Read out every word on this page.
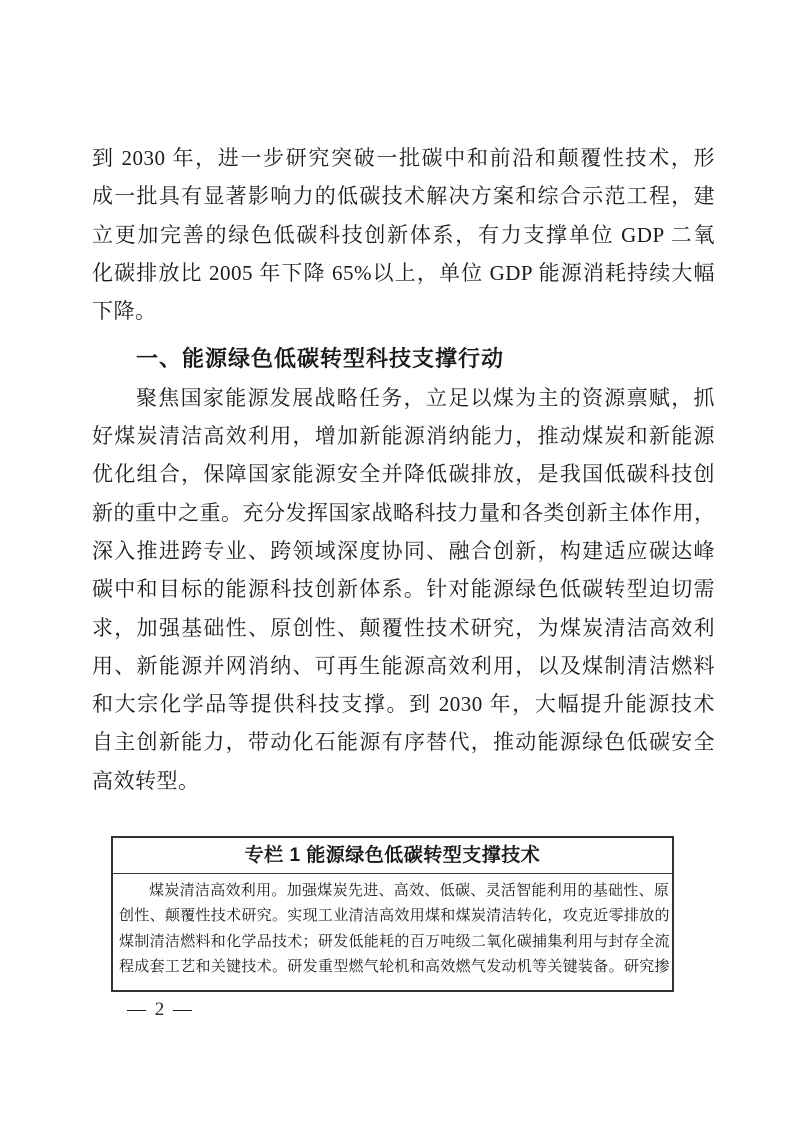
到 2030 年，进一步研究突破一批碳中和前沿和颠覆性技术，形
成一批具有显著影响力的低碳技术解决方案和综合示范工程，建
立更加完善的绿色低碳科技创新体系，有力支撑单位 GDP 二氧
化碳排放比 2005 年下降 65%以上，单位 GDP 能源消耗持续大幅
下降。
一、能源绿色低碳转型科技支撑行动
聚焦国家能源发展战略任务，立足以煤为主的资源禀赋，抓
好煤炭清洁高效利用，增加新能源消纳能力，推动煤炭和新能源
优化组合，保障国家能源安全并降低碳排放，是我国低碳科技创
新的重中之重。充分发挥国家战略科技力量和各类创新主体作用，
深入推进跨专业、跨领域深度协同、融合创新，构建适应碳达峰
碳中和目标的能源科技创新体系。针对能源绿色低碳转型迫切需
求，加强基础性、原创性、颠覆性技术研究，为煤炭清洁高效利
用、新能源并网消纳、可再生能源高效利用，以及煤制清洁燃料
和大宗化学品等提供科技支撑。到 2030 年，大幅提升能源技术
自主创新能力，带动化石能源有序替代，推动能源绿色低碳安全
高效转型。
专栏 1 能源绿色低碳转型支撑技术
煤炭清洁高效利用。加强煤炭先进、高效、低碳、灵活智能利用的基础性、原
创性、颠覆性技术研究。实现工业清洁高效用煤和煤炭清洁转化，攻克近零排放的
煤制清洁燃料和化学品技术；研发低能耗的百万吨级二氧化碳捕集利用与封存全流
程成套工艺和关键技术。研发重型燃气轮机和高效燃气发动机等关键装备。研究掺
— 2 —
